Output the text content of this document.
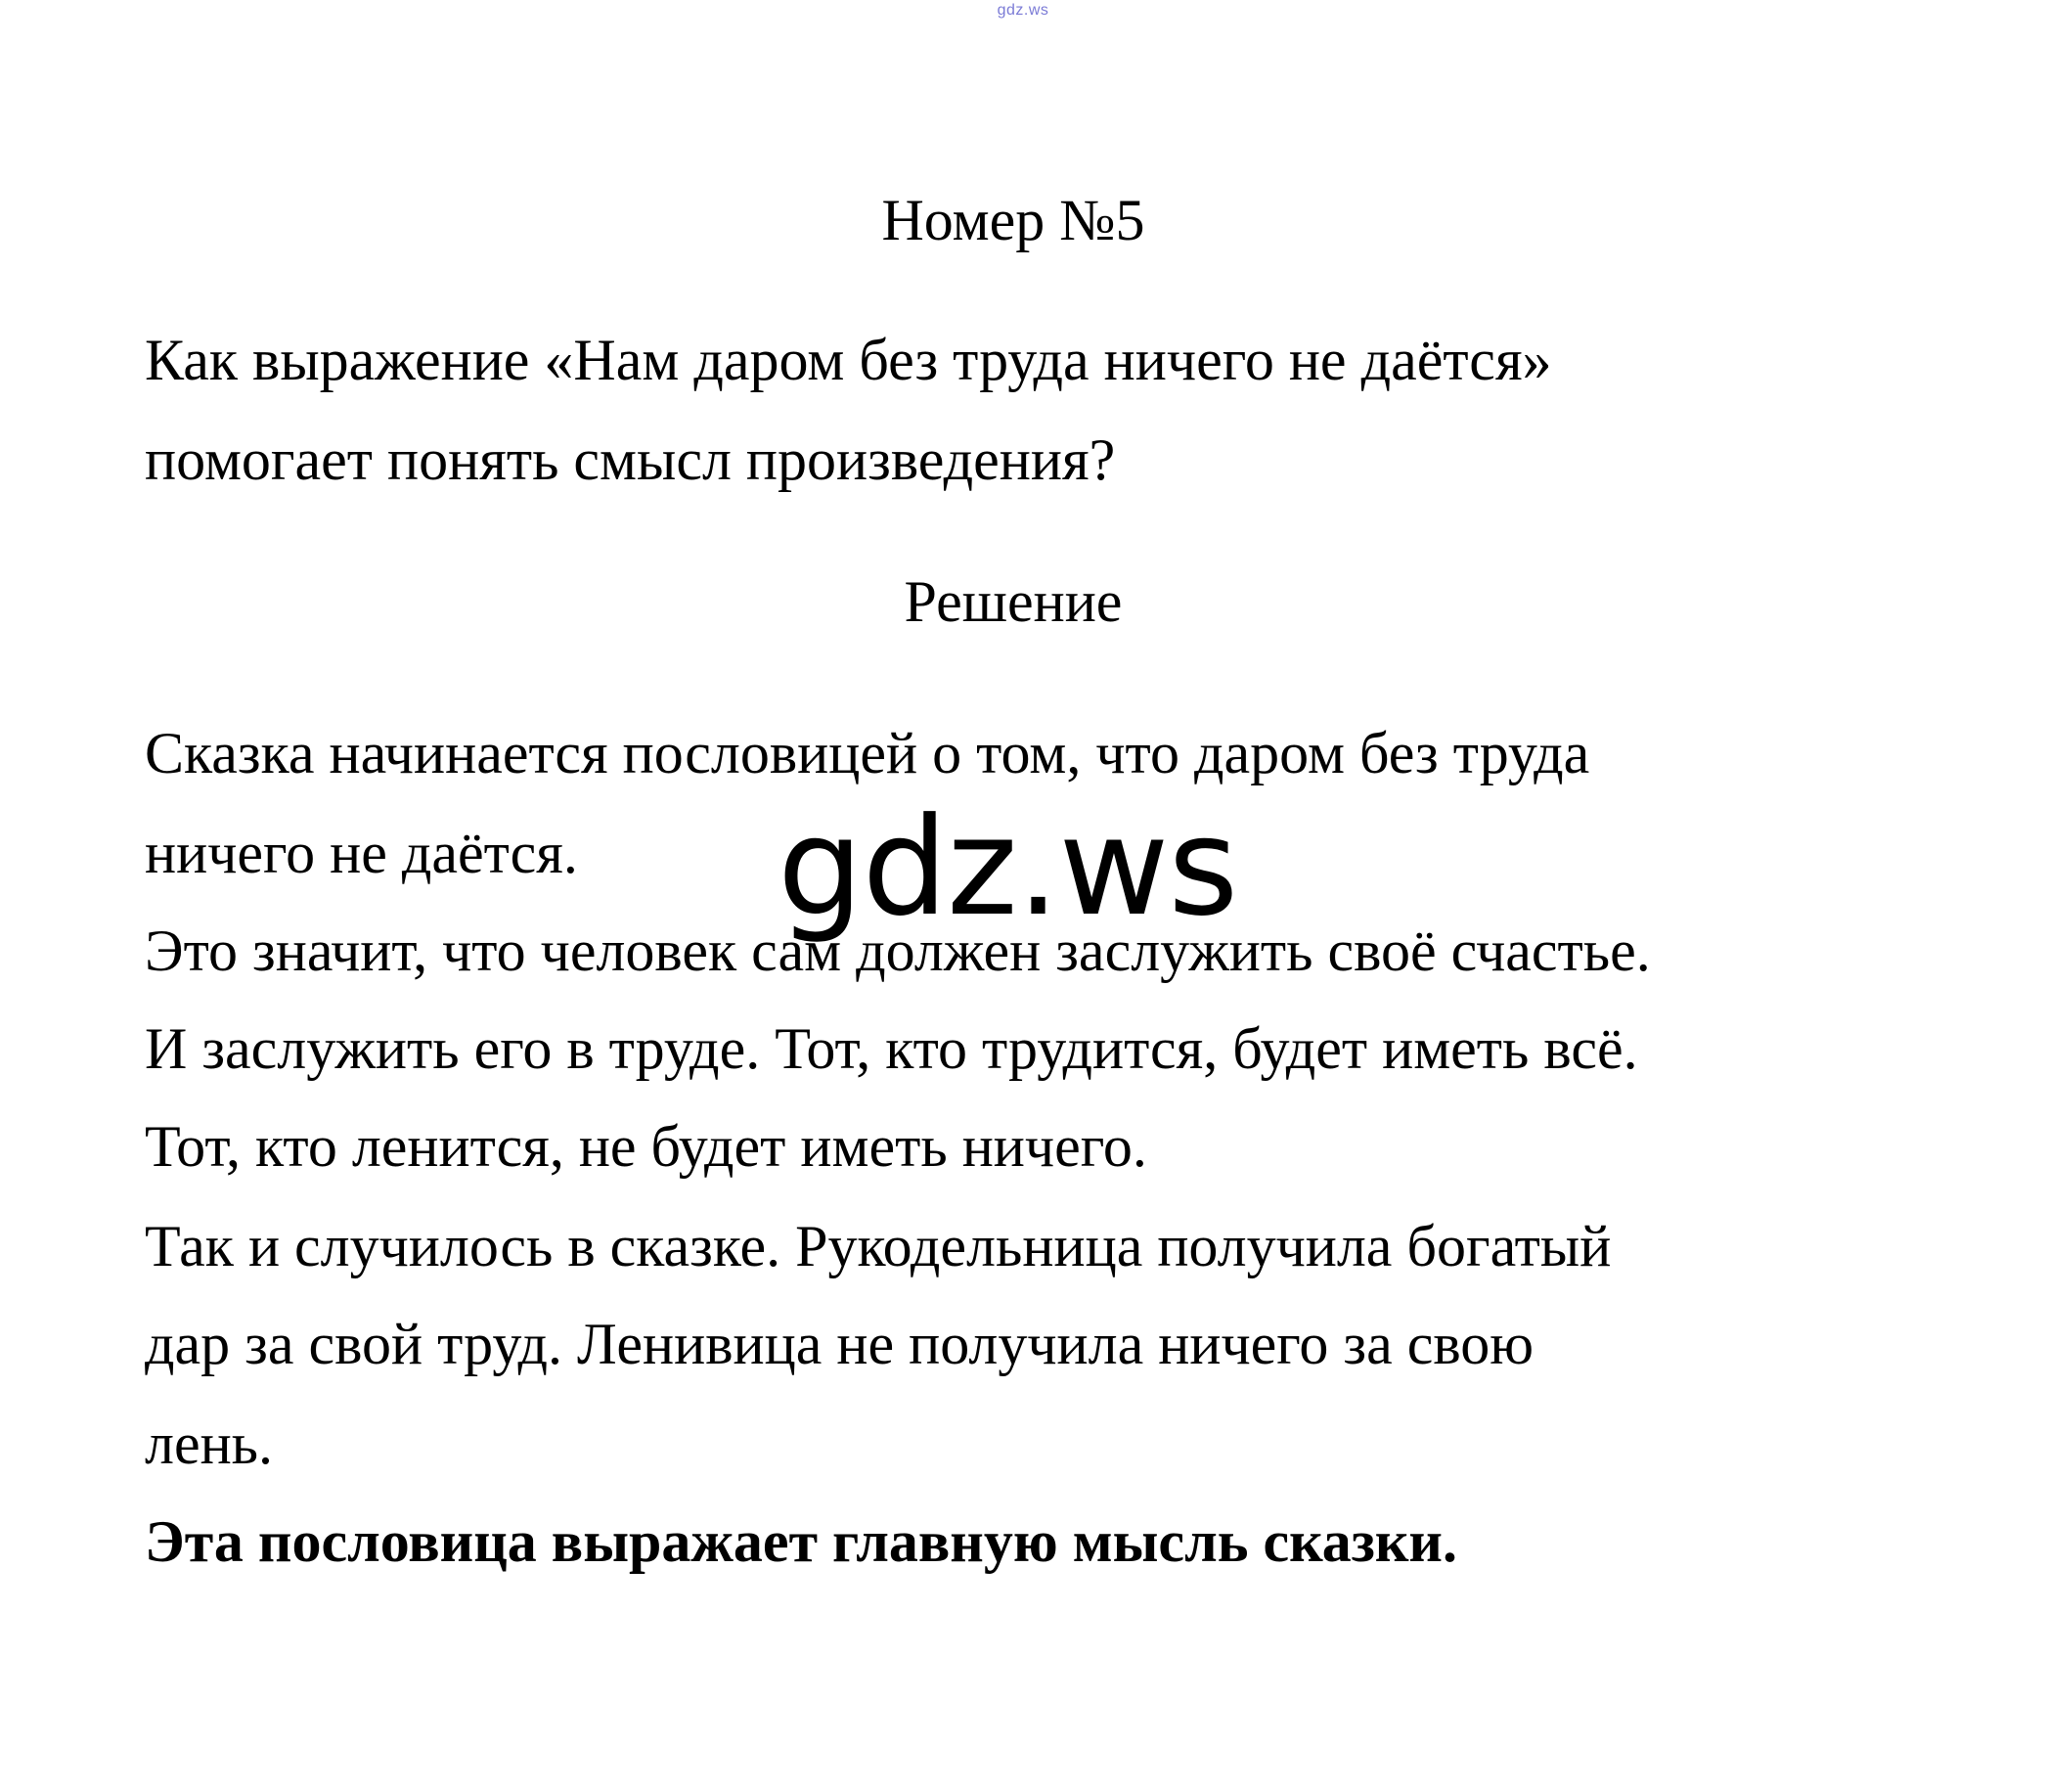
gdz.ws
Номер №5
Как выражение «Нам даром без труда ничего не даётся»
помогает понять смысл произведения?
Решение
Сказка начинается пословицей о том, что даром без труда
ничего не даётся.
Это значит, что человек сам должен заслужить своё счастье.
И заслужить его в труде. Тот, кто трудится, будет иметь всё.
Тот, кто ленится, не будет иметь ничего.
Так и случилось в сказке. Рукодельница получила богатый
дар за свой труд. Ленивица не получила ничего за свою
лень.
Эта пословица выражает главную мысль сказки.
gdz.ws
